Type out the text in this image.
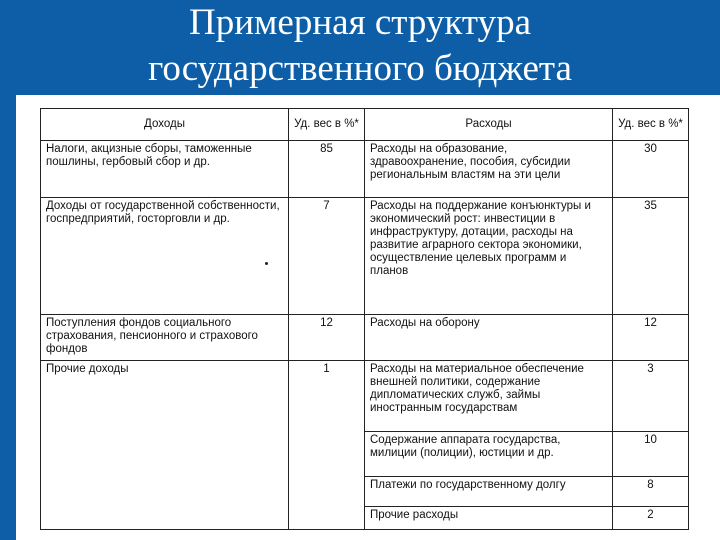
Примерная структура
государственного бюджета
Доходы	Уд. вес в %*	Расходы	Уд. вес в %*
Налоги, акцизные сборы, таможенные пошлины, гербовый сбор и др.	85	Расходы на образование, здравоохранение, пособия, субсидии региональным властям на эти цели	30
Доходы от государственной собственности, госпредприятий, госторговли и др.	7	Расходы на поддержание конъюнктуры и экономический рост: инвестиции в инфраструктуру, дотации, расходы на развитие аграрного сектора экономики, осуществление целевых программ и планов	35
Поступления фондов социального страхования, пенсионного и страхового фондов	12	Расходы на оборону	12
Прочие доходы	1	Расходы на материальное обеспечение внешней политики, содержание дипломатических служб, займы иностранным государствам	3
		Содержание аппарата государства, милиции (полиции), юстиции и др.	10
		Платежи по государственному долгу	8
		Прочие расходы	2
